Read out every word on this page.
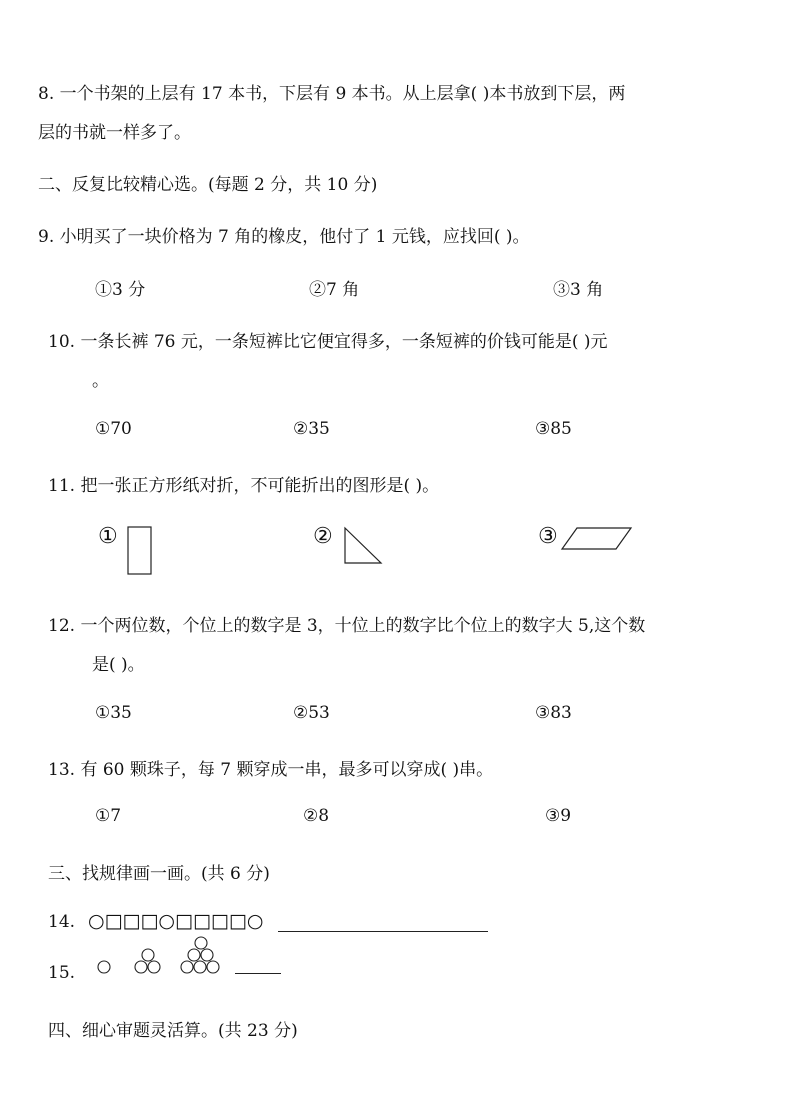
8. 一个书架的上层有 17 本书，下层有 9 本书。从上层拿( )本书放到下层，两
层的书就一样多了。
二、反复比较精心选。(每题 2 分，共 10 分)
9. 小明买了一块价格为 7 角的橡皮，他付了 1 元钱，应找回( )。
①3 分	②7 角	③3 角
10. 一条长裤 76 元，一条短裤比它便宜得多，一条短裤的价钱可能是( )元
。
①70	②35	③85
11. 把一张正方形纸对折，不可能折出的图形是( )。
①	②	③
12. 一个两位数，个位上的数字是 3，十位上的数字比个位上的数字大 5,这个数
是( )。
①35	②53	③83
13. 有 60 颗珠子，每 7 颗穿成一串，最多可以穿成( )串。
①7	②8	③9
三、找规律画一画。(共 6 分)
14. ○□□□○□□□□○
15.
四、细心审题灵活算。(共 23 分)
